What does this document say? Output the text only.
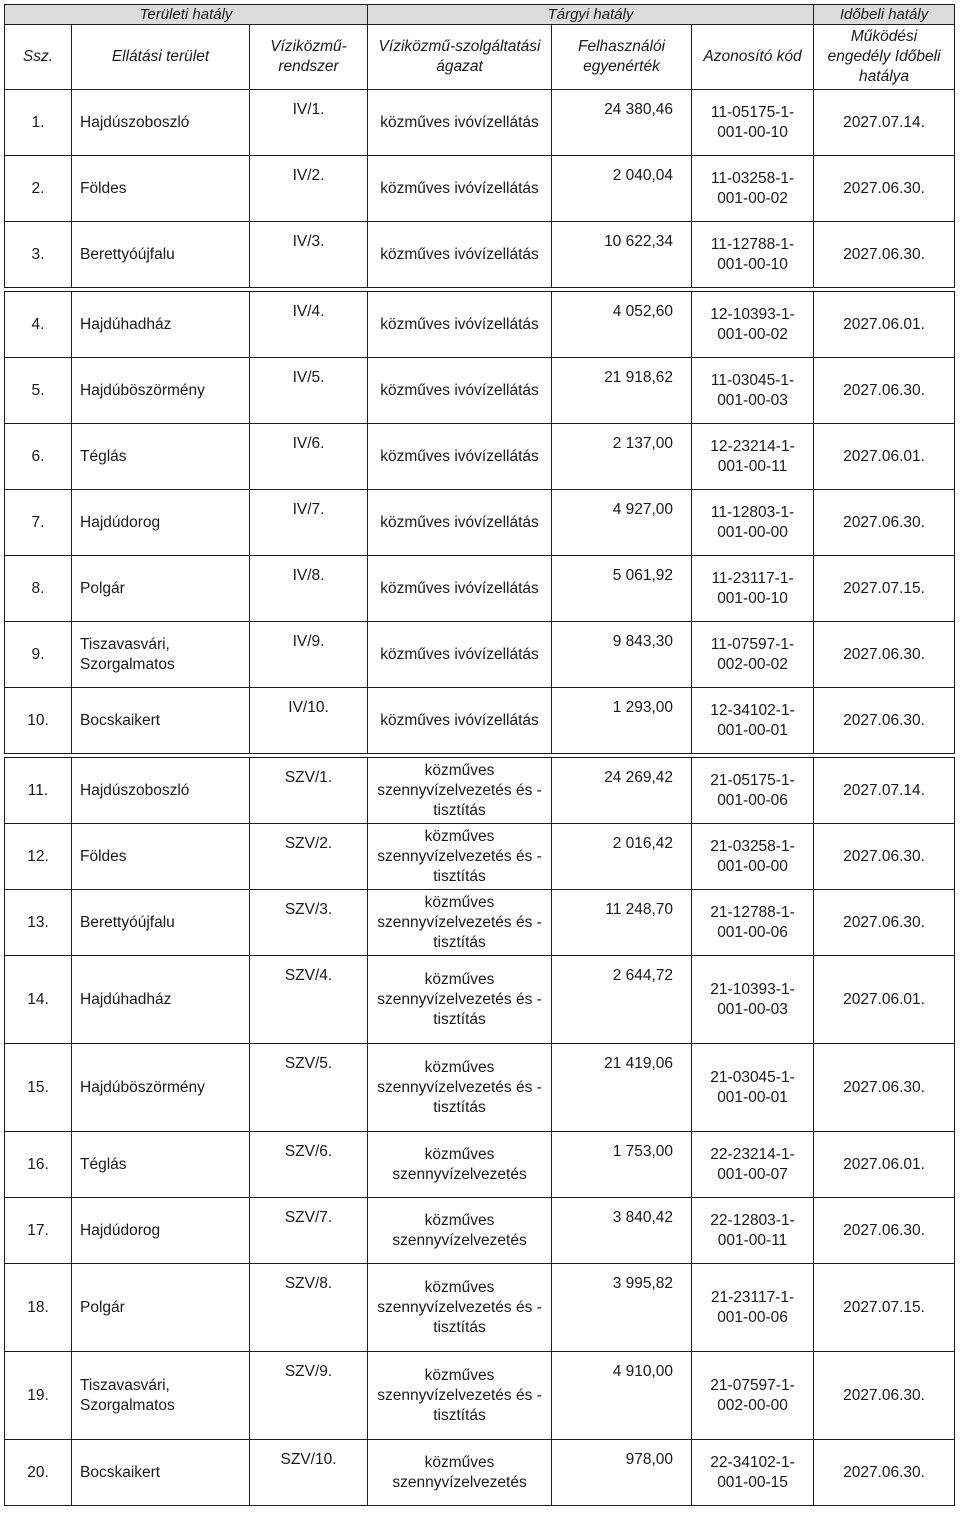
Területi hatály			Tárgyi hatály			Időbeli hatály
Ssz.	Ellátási terület	Víziközmű-rendszer	Víziközmű-szolgáltatási ágazat	Felhasználói egyenérték	Azonosító kód	Működési engedély Időbeli hatálya
1.	Hajdúszoboszló	IV/1.	közműves ivóvízellátás	24 380,46	11-05175-1-001-00-10	2027.07.14.
2.	Földes	IV/2.	közműves ivóvízellátás	2 040,04	11-03258-1-001-00-02	2027.06.30.
3.	Berettyóújfalu	IV/3.	közműves ivóvízellátás	10 622,34	11-12788-1-001-00-10	2027.06.30.

4.	Hajdúhadház	IV/4.	közműves ivóvízellátás	4 052,60	12-10393-1-001-00-02	2027.06.01.
5.	Hajdúböszörmény	IV/5.	közműves ivóvízellátás	21 918,62	11-03045-1-001-00-03	2027.06.30.
6.	Téglás	IV/6.	közműves ivóvízellátás	2 137,00	12-23214-1-001-00-11	2027.06.01.
7.	Hajdúdorog	IV/7.	közműves ivóvízellátás	4 927,00	11-12803-1-001-00-00	2027.06.30.
8.	Polgár	IV/8.	közműves ivóvízellátás	5 061,92	11-23117-1-001-00-10	2027.07.15.
9.	Tiszavasvári, Szorgalmatos	IV/9.	közműves ivóvízellátás	9 843,30	11-07597-1-002-00-02	2027.06.30.
10.	Bocskaikert	IV/10.	közműves ivóvízellátás	1 293,00	12-34102-1-001-00-01	2027.06.30.

11.	Hajdúszoboszló	SZV/1.	közműves szennyvízelvezetés és - tisztítás	24 269,42	21-05175-1-001-00-06	2027.07.14.
12.	Földes	SZV/2.	közműves szennyvízelvezetés és - tisztítás	2 016,42	21-03258-1-001-00-00	2027.06.30.
13.	Berettyóújfalu	SZV/3.	közműves szennyvízelvezetés és - tisztítás	11 248,70	21-12788-1-001-00-06	2027.06.30.
14.	Hajdúhadház	SZV/4.	közműves szennyvízelvezetés és - tisztítás	2 644,72	21-10393-1-001-00-03	2027.06.01.
15.	Hajdúböszörmény	SZV/5.	közműves szennyvízelvezetés és - tisztítás	21 419,06	21-03045-1-001-00-01	2027.06.30.
16.	Téglás	SZV/6.	közműves szennyvízelvezetés	1 753,00	22-23214-1-001-00-07	2027.06.01.
17.	Hajdúdorog	SZV/7.	közműves szennyvízelvezetés	3 840,42	22-12803-1-001-00-11	2027.06.30.
18.	Polgár	SZV/8.	közműves szennyvízelvezetés és - tisztítás	3 995,82	21-23117-1-001-00-06	2027.07.15.
19.	Tiszavasvári, Szorgalmatos	SZV/9.	közműves szennyvízelvezetés és - tisztítás	4 910,00	21-07597-1-002-00-00	2027.06.30.
20.	Bocskaikert	SZV/10.	közműves szennyvízelvezetés	978,00	22-34102-1-001-00-15	2027.06.30.
